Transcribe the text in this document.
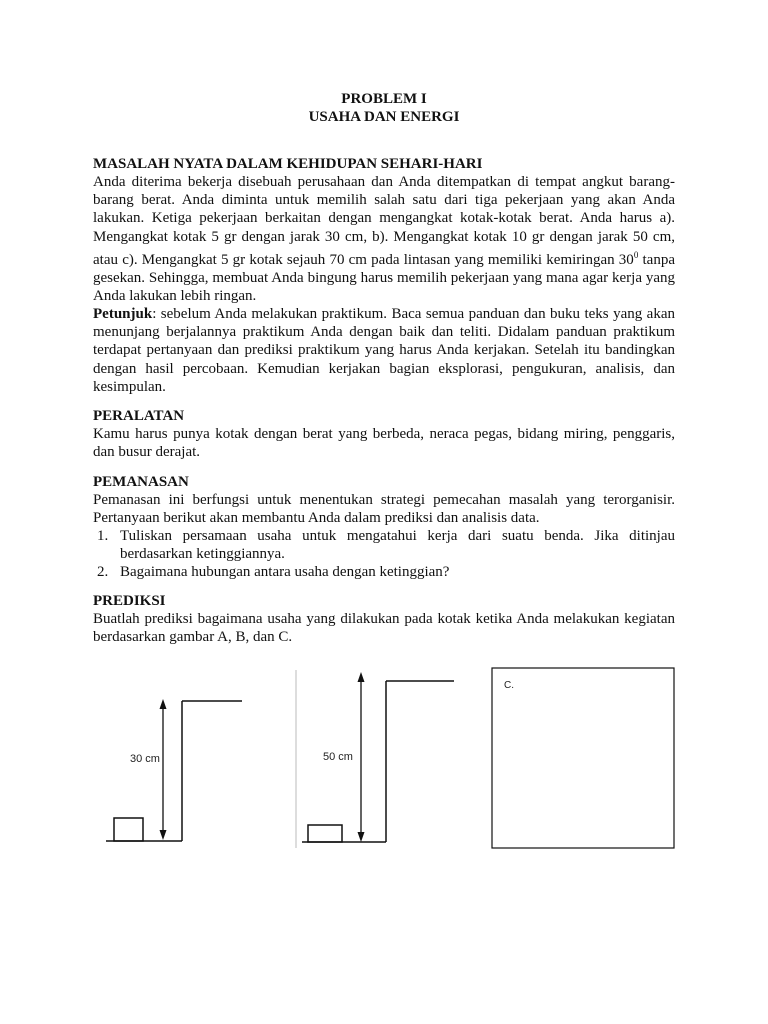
PROBLEM I
USAHA DAN ENERGI
MASALAH NYATA DALAM KEHIDUPAN SEHARI-HARI
Anda diterima bekerja disebuah perusahaan dan Anda ditempatkan di tempat angkut barang-barang berat. Anda diminta untuk memilih salah satu dari tiga pekerjaan yang akan Anda lakukan. Ketiga pekerjaan berkaitan dengan mengangkat kotak-kotak berat. Anda harus a). Mengangkat kotak 5 gr dengan jarak 30 cm, b). Mengangkat kotak 10 gr dengan jarak 50 cm, atau c). Mengangkat 5 gr kotak sejauh 70 cm pada lintasan yang memiliki kemiringan $30^0$ tanpa gesekan. Sehingga, membuat Anda bingung harus memilih pekerjaan yang mana agar kerja yang Anda lakukan lebih ringan.
Petunjuk: sebelum Anda melakukan praktikum. Baca semua panduan dan buku teks yang akan menunjang berjalannya praktikum Anda dengan baik dan teliti. Didalam panduan praktikum terdapat pertanyaan dan prediksi praktikum yang harus Anda kerjakan. Setelah itu bandingkan dengan hasil percobaan. Kemudian kerjakan bagian eksplorasi, pengukuran, analisis, dan kesimpulan.
PERALATAN
Kamu harus punya kotak dengan berat yang berbeda, neraca pegas, bidang miring, penggaris, dan busur derajat.
PEMANASAN
Pemanasan ini berfungsi untuk menentukan strategi pemecahan masalah yang terorganisir. Pertanyaan berikut akan membantu Anda dalam prediksi dan analisis data.
1. Tuliskan persamaan usaha untuk mengatahui kerja dari suatu benda. Jika ditinjau berdasarkan ketinggiannya.
2. Bagaimana hubungan antara usaha dengan ketinggian?
PREDIKSI
Buatlah prediksi bagaimana usaha yang dilakukan pada kotak ketika Anda melakukan kegiatan berdasarkan gambar A, B, dan C.
30 cm	50 cm
C.
